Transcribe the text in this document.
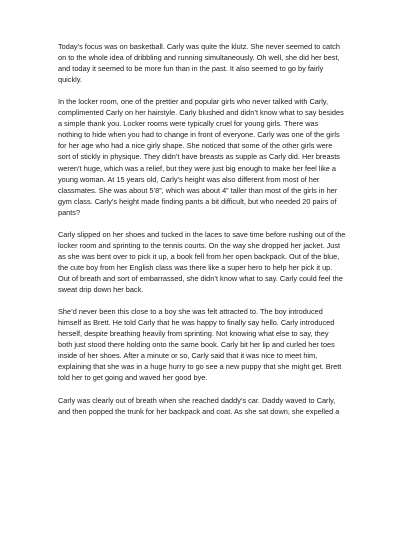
Today’s focus was on basketball. Carly was quite the klutz. She never seemed to catch
on to the whole idea of dribbling and running simultaneously. Oh well, she did her best,
and today it seemed to be more fun than in the past. It also seemed to go by fairly
quickly.
In the locker room, one of the prettier and popular girls who never talked with Carly,
complimented Carly on her hairstyle. Carly blushed and didn’t know what to say besides
a simple thank you. Locker rooms were typically cruel for young girls. There was
nothing to hide when you had to change in front of everyone. Carly was one of the girls
for her age who had a nice girly shape. She noticed that some of the other girls were
sort of stickly in physique. They didn’t have breasts as supple as Carly did. Her breasts
weren’t huge, which was a relief, but they were just big enough to make her feel like a
young woman. At 15 years old, Carly’s height was also different from most of her
classmates. She was about 5’8”, which was about 4” taller than most of the girls in her
gym class. Carly’s height made finding pants a bit difficult, but who needed 20 pairs of
pants?
Carly slipped on her shoes and tucked in the laces to save time before rushing out of the
locker room and sprinting to the tennis courts. On the way she dropped her jacket. Just
as she was bent over to pick it up, a book fell from her open backpack. Out of the blue,
the cute boy from her English class was there like a super hero to help her pick it up.
Out of breath and sort of embarrassed, she didn’t know what to say. Carly could feel the
sweat drip down her back.
She’d never been this close to a boy she was felt attracted to. The boy introduced
himself as Brett. He told Carly that he was happy to finally say hello. Carly introduced
herself, despite breathing heavily from sprinting. Not knowing what else to say, they
both just stood there holding onto the same book. Carly bit her lip and curled her toes
inside of her shoes. After a minute or so, Carly said that it was nice to meet him,
explaining that she was in a huge hurry to go see a new puppy that she might get. Brett
told her to get going and waved her good bye.
Carly was clearly out of breath when she reached daddy’s car. Daddy waved to Carly,
and then popped the trunk for her backpack and coat. As she sat down, she expelled a
